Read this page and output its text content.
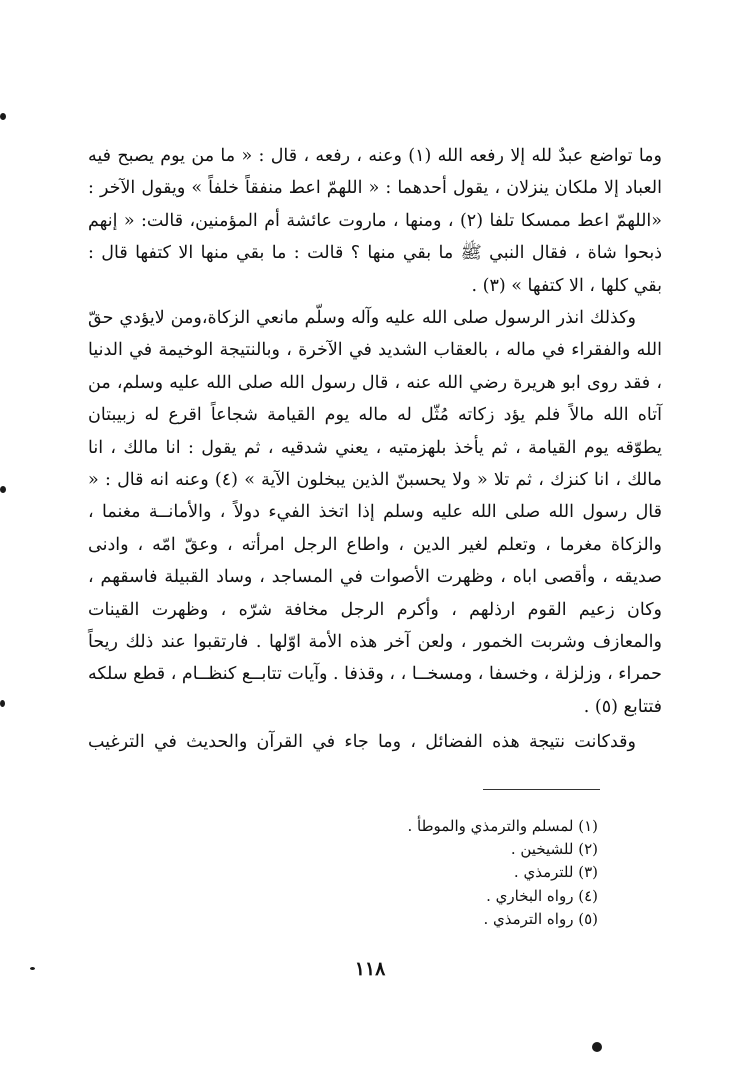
وما تواضع عبدٌ لله إلا رفعه الله (١) وعنه ، رفعه ، قال : « ما من يوم يصبح فيه العباد إلا ملكان ينزلان ، يقول أحدهما : « اللهمّ اعط منفقاً خلفاً » ويقول الآخر : «اللهمّ اعط ممسكا تلفا (٢) ، ومنها ، ماروت عائشة أم المؤمنين، قالت: « إنهم ذبحوا شاة ، فقال النبي ﷺ ما بقي منها ؟ قالت : ما بقي منها الا كتفها قال : بقي كلها ، الا كتفها » (٣) .

وكذلك انذر الرسول صلى الله عليه وآله وسلّم مانعي الزكاة،ومن لايؤدي حقّ الله والفقراء في ماله ، بالعقاب الشديد في الآخرة ، وبالنتيجة الوخيمة في الدنيا ، فقد روى ابو هريرة رضي الله عنه ، قال رسول الله صلى الله عليه وسلم، من آتاه الله مالاً فلم يؤد زكاته مُثّل له ماله يوم القيامة شجاعاً اقرع له زبيبتان يطوّقه يوم القيامة ، ثم يأخذ بلهزمتيه ، يعني شدقيه ، ثم يقول : انا مالك ، انا مالك ، انا كنزك ، ثم تلا « ولا يحسبنّ الذين يبخلون الآية » (٤) وعنه انه قال : « قال رسول الله صلى الله عليه وسلم إذا اتخذ الفيء دولاً ، والأمانــة مغنما ، والزكاة مغرما ، وتعلم لغير الدين ، واطاع الرجل امرأته ، وعقّ امّه ، وادنى صديقه ، وأقصى اباه ، وظهرت الأصوات في المساجد ، وساد القبيلة فاسقهم ، وكان زعيم القوم ارذلهم ، وأكرم الرجل مخافة شرّه ، وظهرت القينات والمعازف وشربت الخمور ، ولعن آخر هذه الأمة اوّلها . فارتقبوا عند ذلك ريحاً حمراء ، وزلزلة ، وخسفا ، ومسخــا ، ، وقذفا . وآيات تتابــع كنظــام ، قطع سلكه فتتابع (٥) .

وقدكانت نتيجة هذه الفضائل ، وما جاء في القرآن والحديث في الترغيب

(١) لمسلم والترمذي والموطأ .
(٢) للشيخين .
(٣) للترمذي .
(٤) رواه البخاري .
(٥) رواه الترمذي .
١١٨
